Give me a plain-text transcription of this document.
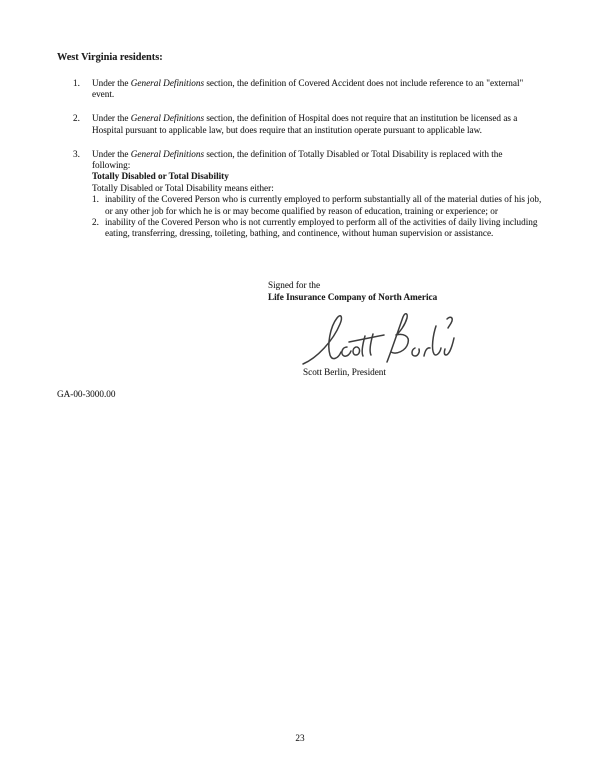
West Virginia residents:
1.	Under the General Definitions section, the definition of Covered Accident does not include reference to an "external" event.
2.	Under the General Definitions section, the definition of Hospital does not require that an institution be licensed as a Hospital pursuant to applicable law, but does require that an institution operate pursuant to applicable law.
3.	Under the General Definitions section, the definition of Totally Disabled or Total Disability is replaced with the following:
Totally Disabled or Total Disability
Totally Disabled or Total Disability means either:
1. inability of the Covered Person who is currently employed to perform substantially all of the material duties of his job, or any other job for which he is or may become qualified by reason of education, training or experience; or
2. inability of the Covered Person who is not currently employed to perform all of the activities of daily living including eating, transferring, dressing, toileting, bathing, and continence, without human supervision or assistance.
Signed for the
Life Insurance Company of North America
Scott Berlin, President
GA-00-3000.00
23
